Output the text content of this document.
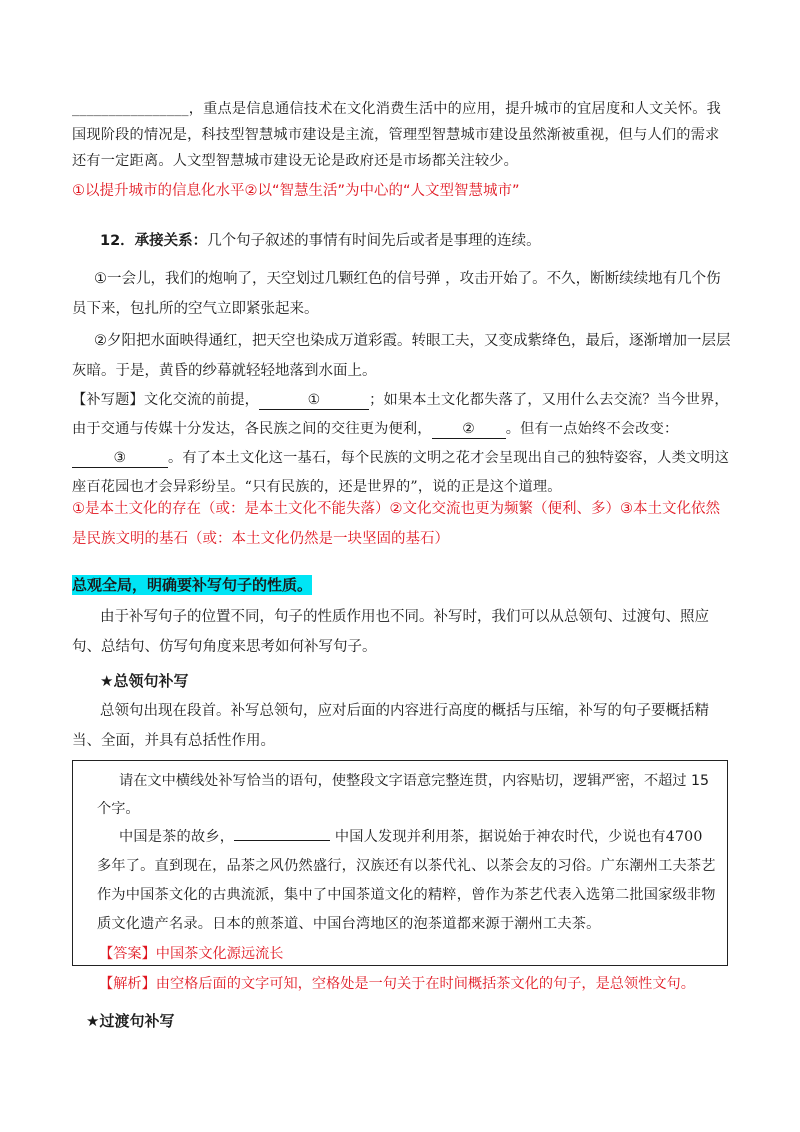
________________，重点是信息通信技术在文化消费生活中的应用，提升城市的宜居度和人文关怀。我国现阶段的情况是，科技型智慧城市建设是主流，管理型智慧城市建设虽然渐被重视，但与人们的需求还有一定距离。人文型智慧城市建设无论是政府还是市场都关注较少。
①以提升城市的信息化水平②以“智慧生活”为中心的“人文型智慧城市”
12．承接关系：几个句子叙述的事情有时间先后或者是事理的连续。
①一会儿，我们的炮响了，天空划过几颗红色的信号弹 ，攻击开始了。不久，断断续续地有几个伤员下来，包扎所的空气立即紧张起来。
②夕阳把水面映得通红，把天空也染成万道彩霞。转眼工夫，又变成紫绛色，最后，逐渐增加一层层灰暗。于是，黄昏的纱幕就轻轻地落到水面上。
【补写题】文化交流的前提，	①	；如果本土文化都失落了，又用什么去交流？当今世界，由于交通与传媒十分发达，各民族之间的交往更为便利， ② 。但有一点始终不会改变：③	。有了本土文化这一基石，每个民族的文明之花才会呈现出自己的独特姿容，人类文明这座百花园也才会异彩纷呈。“只有民族的，还是世界的”，说的正是这个道理。
①是本土文化的存在（或：是本土文化不能失落）②文化交流也更为频繁（便利、多）③本土文化依然是民族文明的基石（或：本土文化仍然是一块坚固的基石）
总观全局，明确要补写句子的性质。
由于补写句子的位置不同，句子的性质作用也不同。补写时，我们可以从总领句、过渡句、照应句、总结句、仿写句角度来思考如何补写句子。
★总领句补写
总领句出现在段首。补写总领句，应对后面的内容进行高度的概括与压缩，补写的句子要概括精当、全面，并具有总括性作用。

请在文中横线处补写恰当的语句，使整段文字语意完整连贯，内容贴切，逻辑严密，不超过 15 个字。

中国是茶的故乡，	中国人发现并利用茶，据说始于神农时代，少说也有4700 多年了。直到现在，品茶之风仍然盛行，汉族还有以茶代礼、以茶会友的习俗。广东潮州工夫茶艺作为中国茶文化的古典流派，集中了中国茶道文化的精粹，曾作为茶艺代表入选第二批国家级非物质文化遗产名录。日本的煎茶道、中国台湾地区的泡茶道都来源于潮州工夫茶。

【答案】中国茶文化源远流长

【解析】由空格后面的文字可知，空格处是一句关于在时间概括茶文化的句子，是总领性文句。

★过渡句补写
